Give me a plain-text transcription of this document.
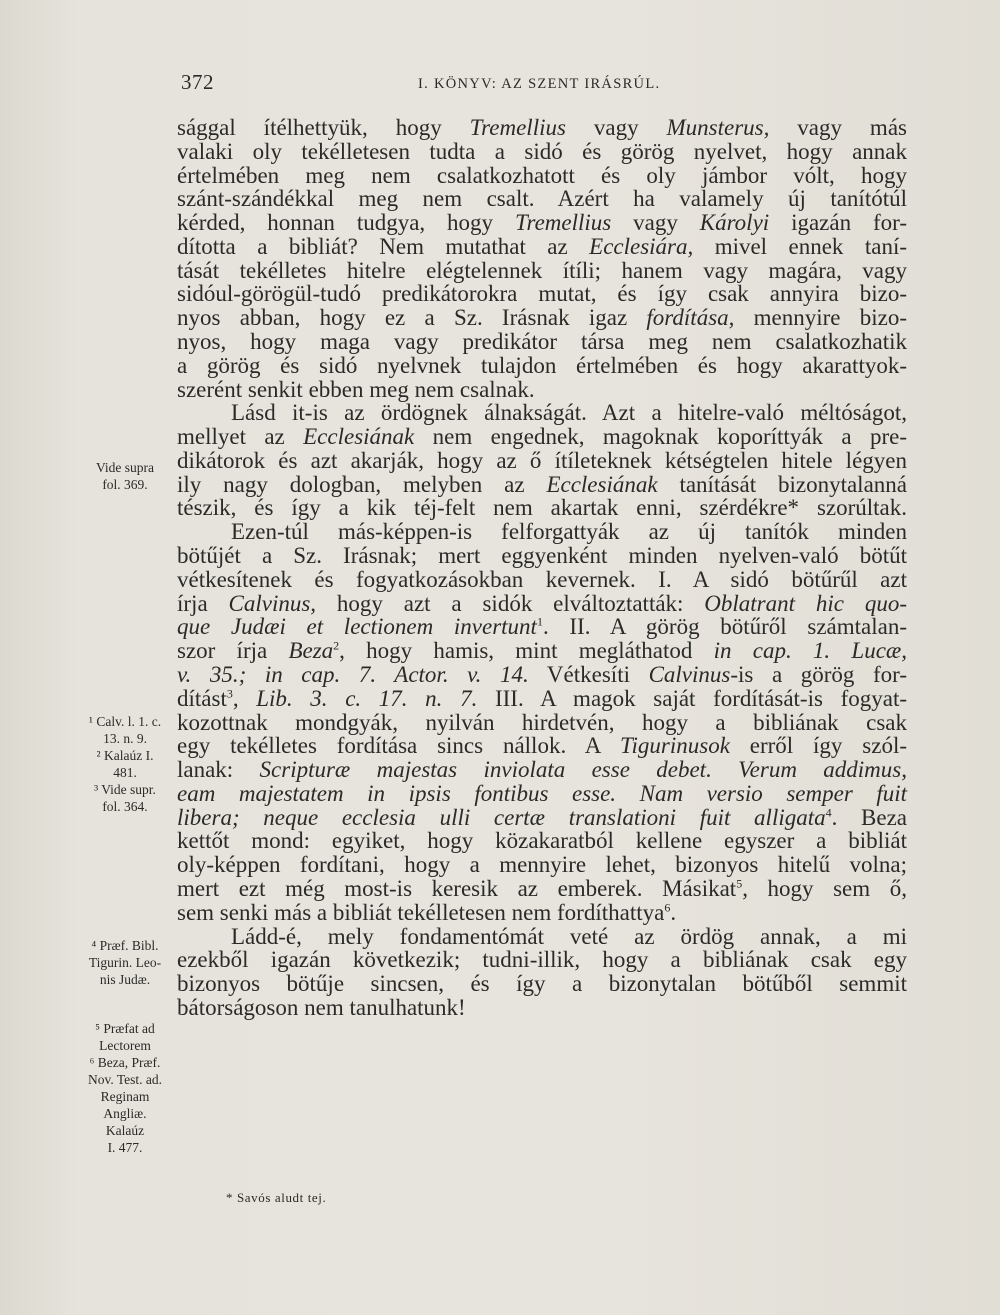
372	I. KÖNYV: AZ SZENT IRÁSRÚL.
sággal ítélhettyük, hogy Tremellius vagy Munsterus, vagy más
valaki oly tekélletesen tudta a sidó és görög nyelvet, hogy annak
értelmében meg nem csalatkozhatott és oly jámbor vólt, hogy
szánt-szándékkal meg nem csalt. Azért ha valamely új tanítótúl
kérded, honnan tudgya, hogy Tremellius vagy Károlyi igazán for-
dította a bibliát? Nem mutathat az Ecclesiára, mivel ennek taní-
tását tekélletes hitelre elégtelennek ítíli; hanem vagy magára, vagy
sidóul-görögül-tudó predikátorokra mutat, és így csak annyira bizo-
nyos abban, hogy ez a Sz. Irásnak igaz fordítása, mennyire bizo-
nyos, hogy maga vagy predikátor társa meg nem csalatkozhatik
a görög és sidó nyelvnek tulajdon értelmében és hogy akarattyok-
szerént senkit ebben meg nem csalnak.
Lásd it-is az ördögnek álnakságát. Azt a hitelre-való méltóságot,
mellyet az Ecclesiának nem engednek, magoknak koporíttyák a pre-
dikátorok és azt akarják, hogy az ő ítíleteknek kétségtelen hitele légyen
ily nagy dologban, melyben az Ecclesiának tanítását bizonytalanná
tészik, és így a kik téj-felt nem akartak enni, szérdékre* szorúltak.
Ezen-túl más-képpen-is felforgattyák az új tanítók minden
bötűjét a Sz. Irásnak; mert eggyenként minden nyelven-való bötűt
vétkesítenek és fogyatkozásokban kevernek. I. A sidó bötűrűl azt
írja Calvinus, hogy azt a sidók elváltoztatták: Oblatrant hic quo-
que Judæi et lectionem invertunt$^1$. II. A görög bötűről számtalan-
szor írja Beza$^2$, hogy hamis, mint megláthatod in cap. 1. Lucæ,
v. 35.; in cap. 7. Actor. v. 14. Vétkesíti Calvinus-is a görög for-
dítást$^3$, Lib. 3. c. 17. n. 7. III. A magok saját fordítását-is fogyat-
kozottnak mondgyák, nyilván hirdetvén, hogy a bibliának csak
egy tekélletes fordítása sincs nállok. A Tigurinusok erről így szól-
lanak: Scripturæ majestas inviolata esse debet. Verum addimus,
eam majestatem in ipsis fontibus esse. Nam versio semper fuit
libera; neque ecclesia ulli certæ translationi fuit alligata$^4$. Beza
kettőt mond: egyiket, hogy közakaratból kellene egyszer a bibliát
oly-képpen fordítani, hogy a mennyire lehet, bizonyos hitelű volna;
mert ezt még most-is keresik az emberek. Másikat$^5$, hogy sem ő,
sem senki más a bibliát tekélletesen nem fordíthattya$^6$.
Ládd-é, mely fondamentómát veté az ördög annak, a mi
ezekből igazán következik; tudni-illik, hogy a bibliának csak egy
bizonyos bötűje sincsen, és így a bizonytalan bötűből semmit
bátorságoson nem tanulhatunk!
Vide supra
fol. 369.
¹ Calv. l. 1. c.
13. n. 9.
² Kalaúz I.
481.
³ Vide supr.
fol. 364.
⁴ Præf. Bibl.
Tigurin. Leo-
nis Judæ.
⁵ Præfat ad
Lectorem
⁶ Beza, Præf.
Nov. Test. ad.
Reginam
Angliæ.
Kalaúz
I. 477.
* Savós aludt tej.
